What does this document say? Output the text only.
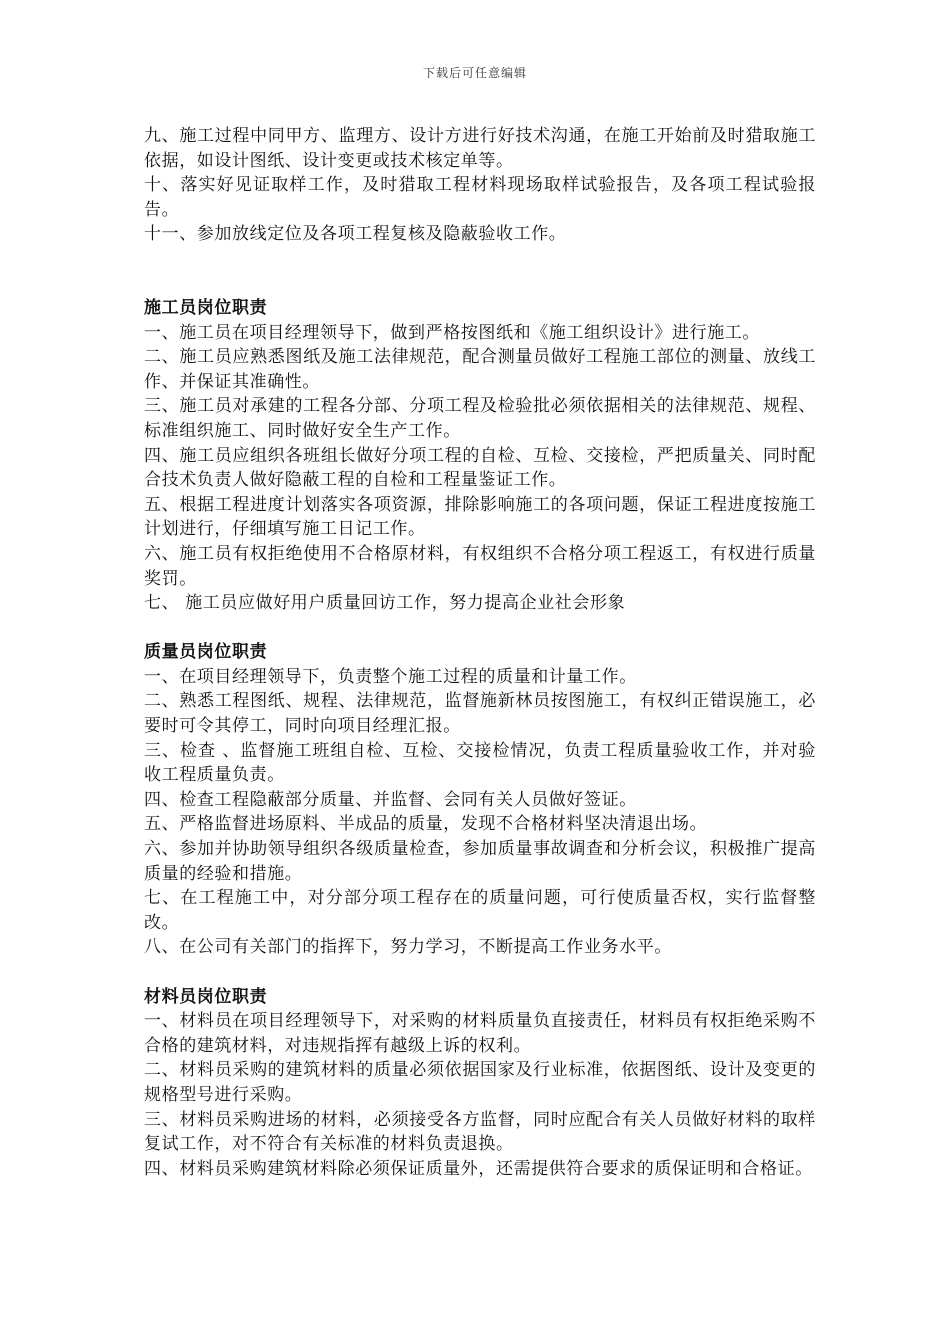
下载后可任意编辑

九、施工过程中同甲方、监理方、设计方进行好技术沟通，在施工开始前及时猎取施工依据，如设计图纸、设计变更或技术核定单等。

十、落实好见证取样工作，及时猎取工程材料现场取样试验报告，及各项工程试验报告。

十一、参加放线定位及各项工程复核及隐蔽验收工作。

施工员岗位职责

一、施工员在项目经理领导下，做到严格按图纸和《施工组织设计》进行施工。

二、施工员应熟悉图纸及施工法律规范，配合测量员做好工程施工部位的测量、放线工作、并保证其准确性。

三、施工员对承建的工程各分部、分项工程及检验批必须依据相关的法律规范、规程、标准组织施工、同时做好安全生产工作。

四、施工员应组织各班组长做好分项工程的自检、互检、交接检，严把质量关、同时配合技术负责人做好隐蔽工程的自检和工程量鉴证工作。

五、根据工程进度计划落实各项资源，排除影响施工的各项问题，保证工程进度按施工计划进行，仔细填写施工日记工作。

六、施工员有权拒绝使用不合格原材料，有权组织不合格分项工程返工，有权进行质量奖罚。

七、 施工员应做好用户质量回访工作，努力提高企业社会形象

质量员岗位职责

一、在项目经理领导下，负责整个施工过程的质量和计量工作。

二、熟悉工程图纸、规程、法律规范，监督施新林员按图施工，有权纠正错误施工，必要时可令其停工，同时向项目经理汇报。

三、检查 、监督施工班组自检、互检、交接检情况，负责工程质量验收工作，并对验收工程质量负责。

四、检查工程隐蔽部分质量、并监督、会同有关人员做好签证。

五、严格监督进场原料、半成品的质量，发现不合格材料坚决清退出场。

六、参加并协助领导组织各级质量检查，参加质量事故调查和分析会议，积极推广提高质量的经验和措施。

七、在工程施工中，对分部分项工程存在的质量问题，可行使质量否权，实行监督整改。

八、在公司有关部门的指挥下，努力学习，不断提高工作业务水平。

材料员岗位职责

一、材料员在项目经理领导下，对采购的材料质量负直接责任，材料员有权拒绝采购不合格的建筑材料，对违规指挥有越级上诉的权利。

二、材料员采购的建筑材料的质量必须依据国家及行业标准，依据图纸、设计及变更的规格型号进行采购。

三、材料员采购进场的材料，必须接受各方监督，同时应配合有关人员做好材料的取样复试工作，对不符合有关标准的材料负责退换。

四、材料员采购建筑材料除必须保证质量外，还需提供符合要求的质保证明和合格证。
